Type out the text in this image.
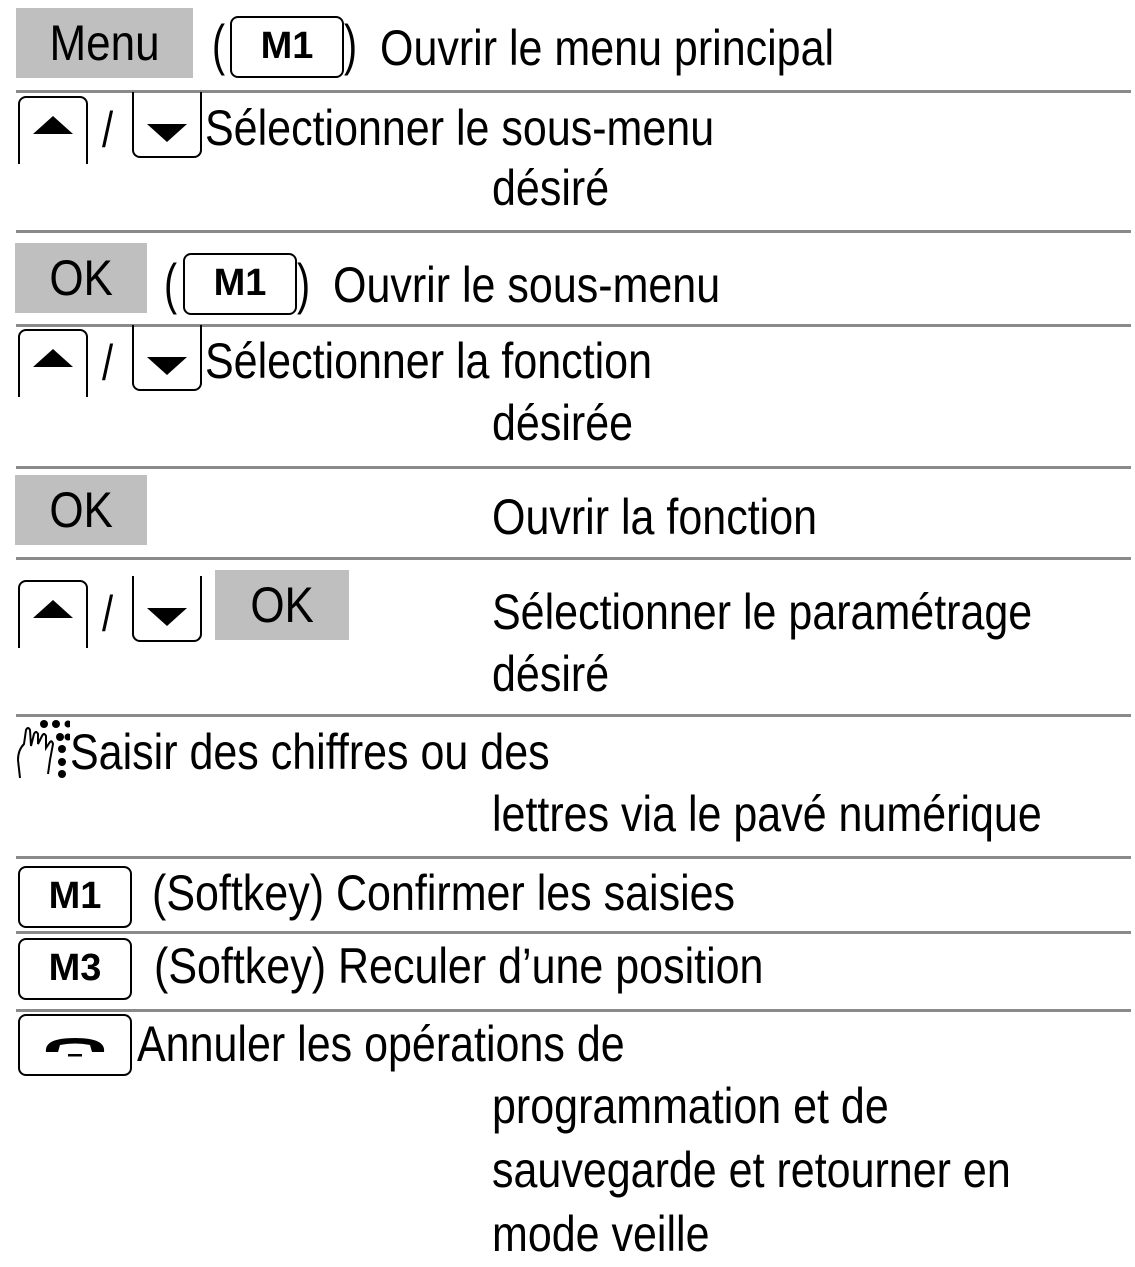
Menu ( M1 ) Ouvrir le menu principal
/ Sélectionner le sous-menu
désiré
OK ( M1 ) Ouvrir le sous-menu
/ Sélectionner la fonction
désirée
OK	Ouvrir la fonction
/	OK	Sélectionner le paramétrage
désiré
Saisir des chiffres ou des
lettres via le pavé numérique
M1	(Softkey) Confirmer les saisies
M3	(Softkey) Reculer d’une position
Annuler les opérations de
programmation et de
sauvegarde et retourner en
mode veille
